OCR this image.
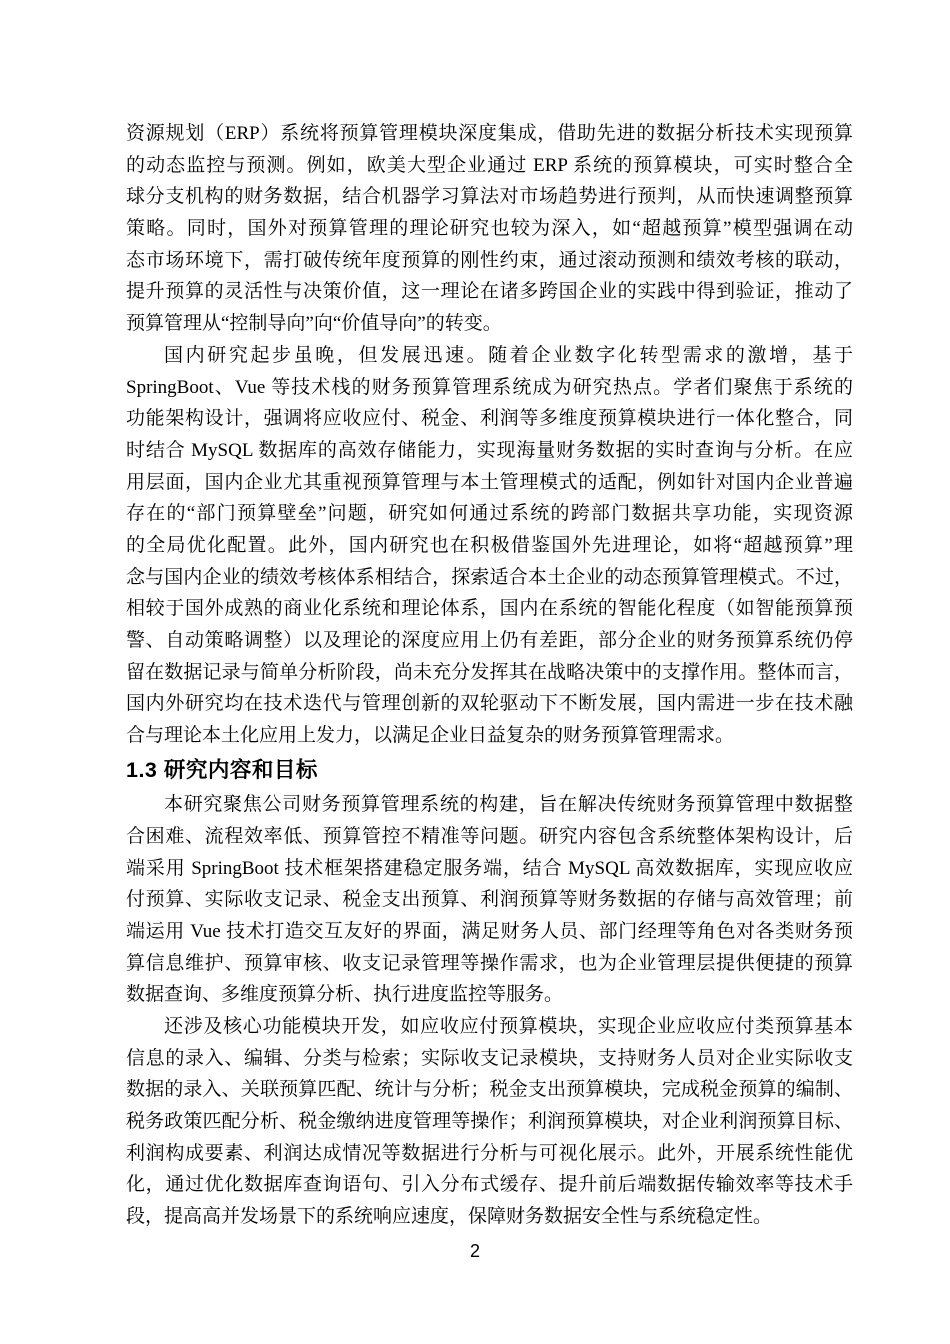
资源规划（ERP）系统将预算管理模块深度集成，借助先进的数据分析技术实现预算
的动态监控与预测。例如，欧美大型企业通过 ERP 系统的预算模块，可实时整合全
球分支机构的财务数据，结合机器学习算法对市场趋势进行预判，从而快速调整预算
策略。同时，国外对预算管理的理论研究也较为深入，如“超越预算”模型强调在动
态市场环境下，需打破传统年度预算的刚性约束，通过滚动预测和绩效考核的联动，
提升预算的灵活性与决策价值，这一理论在诸多跨国企业的实践中得到验证，推动了
预算管理从“控制导向”向“价值导向”的转变。
国内研究起步虽晚，但发展迅速。随着企业数字化转型需求的激增，基于
SpringBoot、Vue 等技术栈的财务预算管理系统成为研究热点。学者们聚焦于系统的
功能架构设计，强调将应收应付、税金、利润等多维度预算模块进行一体化整合，同
时结合 MySQL 数据库的高效存储能力，实现海量财务数据的实时查询与分析。在应
用层面，国内企业尤其重视预算管理与本土管理模式的适配，例如针对国内企业普遍
存在的“部门预算壁垒”问题，研究如何通过系统的跨部门数据共享功能，实现资源
的全局优化配置。此外，国内研究也在积极借鉴国外先进理论，如将“超越预算”理
念与国内企业的绩效考核体系相结合，探索适合本土企业的动态预算管理模式。不过，
相较于国外成熟的商业化系统和理论体系，国内在系统的智能化程度（如智能预算预
警、自动策略调整）以及理论的深度应用上仍有差距，部分企业的财务预算系统仍停
留在数据记录与简单分析阶段，尚未充分发挥其在战略决策中的支撑作用。整体而言，
国内外研究均在技术迭代与管理创新的双轮驱动下不断发展，国内需进一步在技术融
合与理论本土化应用上发力，以满足企业日益复杂的财务预算管理需求。
1.3 研究内容和目标
本研究聚焦公司财务预算管理系统的构建，旨在解决传统财务预算管理中数据整
合困难、流程效率低、预算管控不精准等问题。研究内容包含系统整体架构设计，后
端采用 SpringBoot 技术框架搭建稳定服务端，结合 MySQL 高效数据库，实现应收应
付预算、实际收支记录、税金支出预算、利润预算等财务数据的存储与高效管理；前
端运用 Vue 技术打造交互友好的界面，满足财务人员、部门经理等角色对各类财务预
算信息维护、预算审核、收支记录管理等操作需求，也为企业管理层提供便捷的预算
数据查询、多维度预算分析、执行进度监控等服务。
还涉及核心功能模块开发，如应收应付预算模块，实现企业应收应付类预算基本
信息的录入、编辑、分类与检索；实际收支记录模块，支持财务人员对企业实际收支
数据的录入、关联预算匹配、统计与分析；税金支出预算模块，完成税金预算的编制、
税务政策匹配分析、税金缴纳进度管理等操作；利润预算模块，对企业利润预算目标、
利润构成要素、利润达成情况等数据进行分析与可视化展示。此外，开展系统性能优
化，通过优化数据库查询语句、引入分布式缓存、提升前后端数据传输效率等技术手
段，提高高并发场景下的系统响应速度，保障财务数据安全性与系统稳定性。
2
